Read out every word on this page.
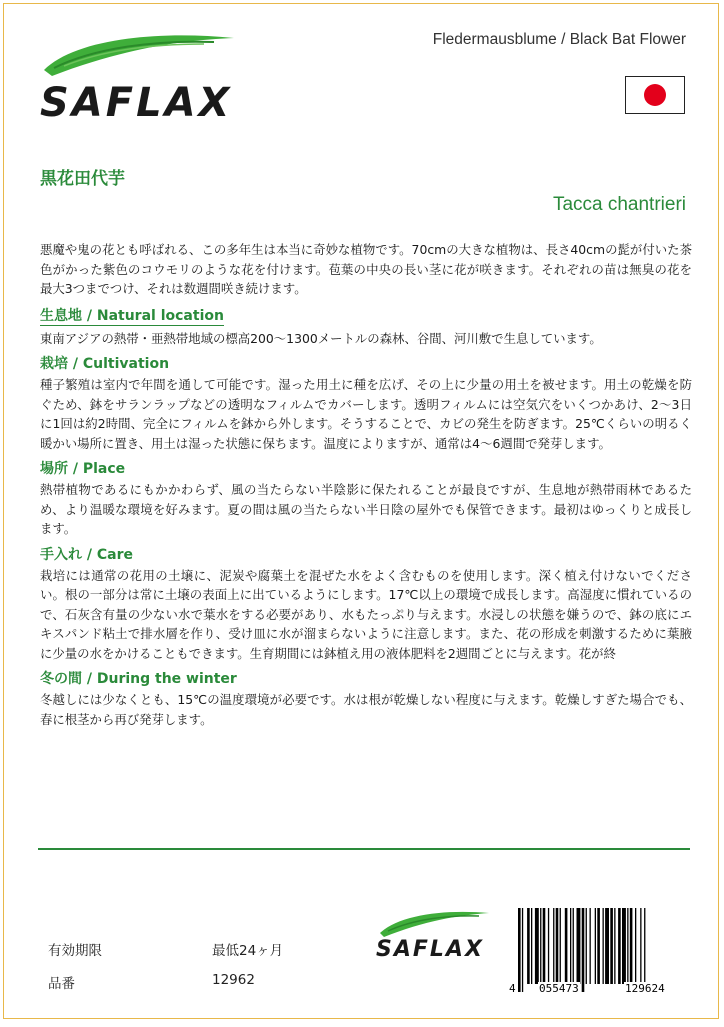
SAFLAX
Fledermausblume / Black Bat Flower
黒花田代芋
Tacca chantrieri

悪魔や鬼の花とも呼ばれる、この多年生は本当に奇妙な植物です。70cmの大きな植物は、長さ40cmの髭が付いた茶色がかった紫色のコウモリのような花を付けます。苞葉の中央の長い茎に花が咲きます。それぞれの苗は無臭の花を最大3つまでつけ、それは数週間咲き続けます。

生息地 / Natural location

東南アジアの熱帯・亜熱帯地域の標高200〜1300メートルの森林、谷間、河川敷で生息しています。

栽培 / Cultivation

種子繁殖は室内で年間を通して可能です。湿った用土に種を広げ、その上に少量の用土を被せます。用土の乾燥を防ぐため、鉢をサランラップなどの透明なフィルムでカバーします。透明フィルムには空気穴をいくつかあけ、2～3日に1回は約2時間、完全にフィルムを鉢から外します。そうすることで、カビの発生を防ぎます。25℃くらいの明るく暖かい場所に置き、用土は湿った状態に保ちます。温度によりますが、通常は4〜6週間で発芽します。

場所 / Place

熱帯植物であるにもかかわらず、風の当たらない半陰影に保たれることが最良ですが、生息地が熱帯雨林であるため、より温暖な環境を好みます。夏の間は風の当たらない半日陰の屋外でも保管できます。最初はゆっくりと成長します。

手入れ / Care

栽培には通常の花用の土壌に、泥炭や腐葉土を混ぜた水をよく含むものを使用します。深く植え付けないでください。根の一部分は常に土壌の表面上に出ているようにします。17℃以上の環境で成長します。高湿度に慣れているので、石灰含有量の少ない水で葉水をする必要があり、水もたっぷり与えます。水浸しの状態を嫌うので、鉢の底にエキスパンド粘土で排水層を作り、受け皿に水が溜まらないように注意します。また、花の形成を刺激するために葉腋に少量の水をかけることもできます。生育期間には鉢植え用の液体肥料を2週間ごとに与えます。花が終

冬の間 / During the winter

冬越しには少なくとも、15℃の温度環境が必要です。水は根が乾燥しない程度に与えます。乾燥しすぎた場合でも、春に根茎から再び発芽します。

有効期限	最低24ヶ月
品番	12962
SAFLAX
4 055473	129624
